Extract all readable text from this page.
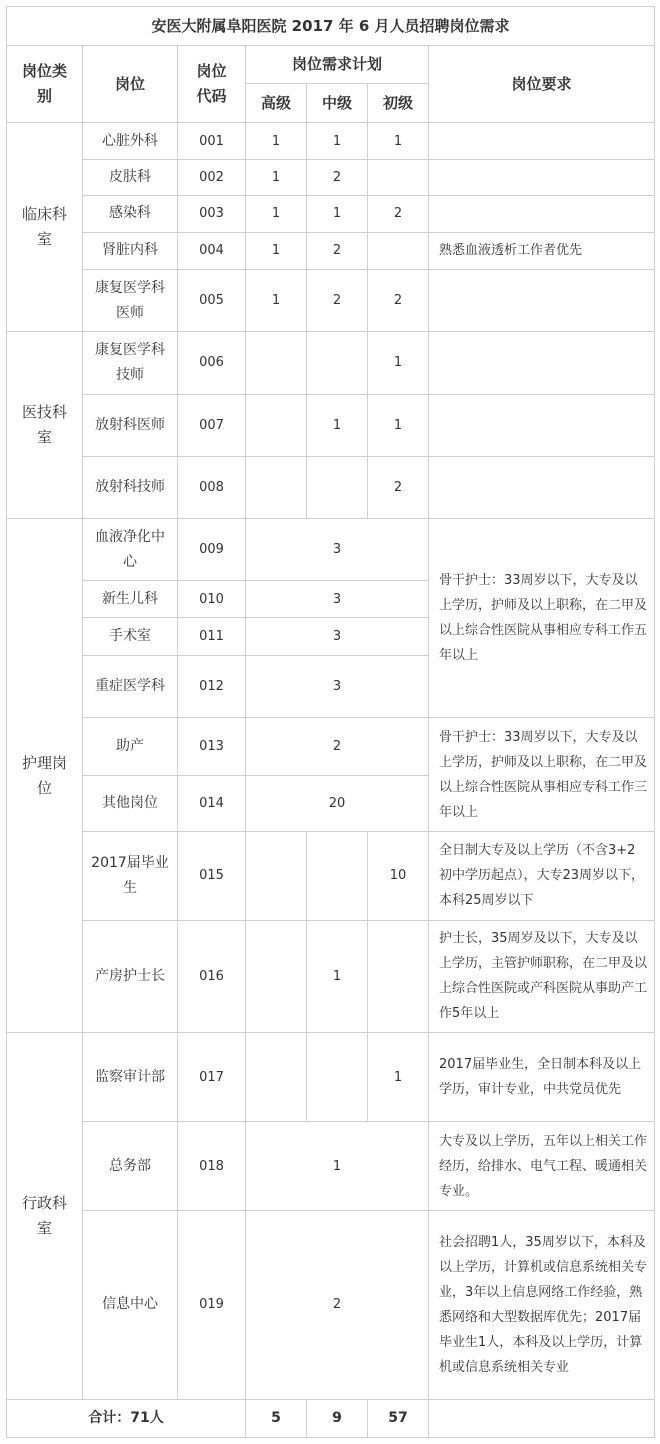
安医大附属阜阳医院 2017 年 6 月人员招聘岗位需求						
岗位类别	岗位	岗位代码	岗位需求计划			岗位要求
			高级	中级	初级	
临床科室	心脏外科	001	1	1	1	
	皮肤科	002	1	2		
	感染科	003	1	1	2	
	肾脏内科	004	1	2		熟悉血液透析工作者优先
	康复医学科医师	005	1	2	2	
医技科室	康复医学科技师	006			1	
	放射科医师	007		1	1	
	放射科技师	008			2	
护理岗位	血液净化中心	009	3			骨干护士：33周岁以下，大专及以上学历，护师及以上职称，在二甲及以上综合性医院从事相应专科工作五年以上
	新生儿科	010	3			
	手术室	011	3			
	重症医学科	012	3			
	助产	013	2			骨干护士：33周岁以下，大专及以上学历，护师及以上职称，在二甲及以上综合性医院从事相应专科工作三年以上
	其他岗位	014	20			
	2017届毕业生	015			10	全日制大专及以上学历（不含3+2初中学历起点），大专23周岁以下，本科25周岁以下
	产房护士长	016		1		护士长，35周岁及以下，大专及以上学历，主管护师职称，在二甲及以上综合性医院或产科医院从事助产工作5年以上
行政科室	监察审计部	017			1	2017届毕业生，全日制本科及以上学历，审计专业，中共党员优先
	总务部	018	1			大专及以上学历，五年以上相关工作经历，给排水、电气工程、暖通相关专业。
	信息中心	019	2			社会招聘1人，35周岁以下，本科及以上学历，计算机或信息系统相关专业，3年以上信息网络工作经验，熟悉网络和大型数据库优先；2017届毕业生1人，本科及以上学历，计算机或信息系统相关专业
合计：71人			5	9	57	
